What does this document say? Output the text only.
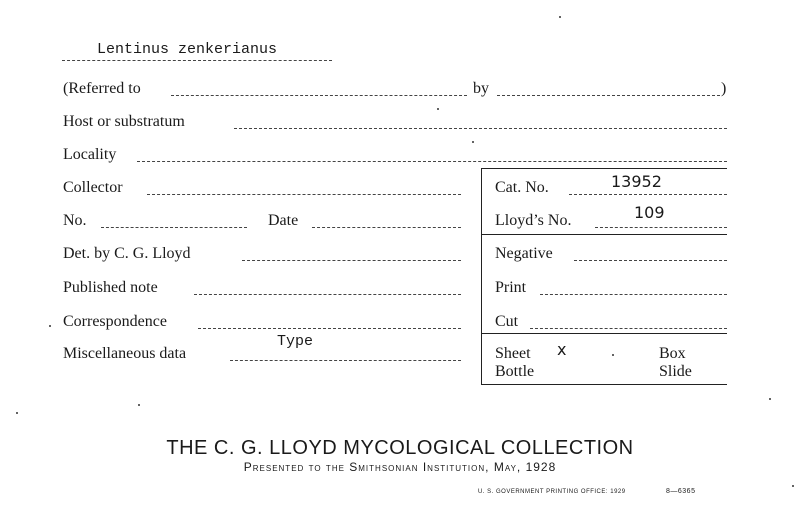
Lentinus zenkerianus
(Referred to	by	)
Host or substratum
Locality
Collector
No.	Date
Det. by C. G. Lloyd
Published note
Correspondence
Miscellaneous data
Type
Cat. No.	13952
Lloyd’s No.	109
Negative
Print
Cut
Sheet x	Box
Bottle	Slide
THE C. G. LLOYD MYCOLOGICAL COLLECTION
Presented to the Smithsonian Institution, May, 1928
U. S. GOVERNMENT PRINTING OFFICE: 1929	8—6365
